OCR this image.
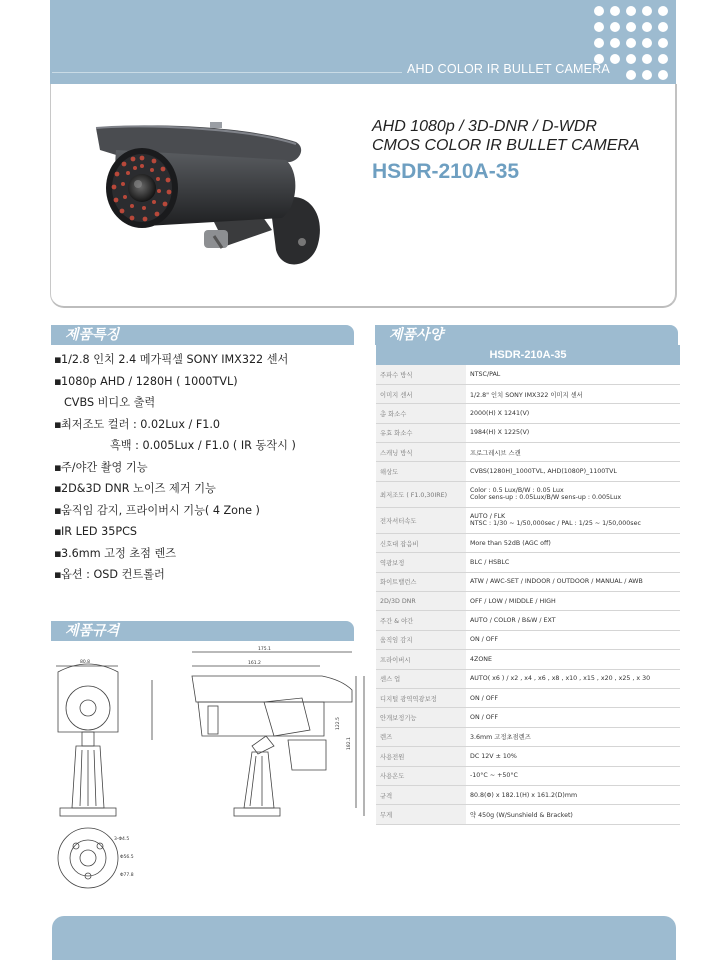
AHD COLOR IR BULLET CAMERA
AHD 1080p / 3D-DNR / D-WDR
CMOS COLOR IR BULLET CAMERA
HSDR-210A-35
제품특징
▪1/2.8 인치 2.4 메가픽셀 SONY IMX322 센서
▪1080p AHD / 1280H ( 1000TVL)
CVBS 비디오 출력
▪최저조도 컬러 : 0.02Lux / F1.0
흑백 : 0.005Lux / F1.0 ( IR 동작시 )
▪주/야간 촬영 기능
▪2D&3D DNR 노이즈 제거 기능
▪움직임 감지, 프라이버시 기능( 4 Zone )
▪IR LED 35PCS
▪3.6mm 고정 초점 렌즈
▪옵션 : OSD 컨트롤러
제품사양
HSDR-210A-35	
주파수 방식	NTSC/PAL

이미지 센서	1/2.8" 인치 SONY IMX322 이미지 센서

총 화소수	2000(H) X 1241(V)

유효 화소수	1984(H) X 1225(V)

스캐닝 방식	프로그레시브 스캔

해상도	CVBS(1280H)_1000TVL, AHD(1080P)_1100TVL

최저조도 ( F1.0,30IRE)	Color : 0.5 Lux/B/W : 0.05 Lux
Color sens-up : 0.05Lux/B/W sens-up : 0.005Lux

전자셔터속도	AUTO / FLK
NTSC : 1/30 ~ 1/50,000sec / PAL : 1/25 ~ 1/50,000sec

신호대 잡음비	More than 52dB (AGC off)

역광보정	BLC / HSBLC

화이트밸런스	ATW / AWC-SET / INDOOR / OUTDOOR / MANUAL / AWB

2D/3D DNR	OFF / LOW / MIDDLE / HIGH

주간 & 야간	AUTO / COLOR / B&W / EXT

움직임 감지	ON / OFF

프라이버시	4ZONE

센스 업	AUTO( x6 ) / x2 , x4 , x6 , x8 , x10 , x15 , x20 , x25 , x 30

디지털 광역역광보정	ON / OFF

안개보정기능	ON / OFF

렌즈	3.6mm 고정초점렌즈

사용전원	DC 12V ± 10%

사용온도	-10°C ~ +50°C

규격	80.8(Φ) x 182.1(H) x 161.2(D)mm

무게	약 450g (W/Sunshield & Bracket)
제품규격
80.8
175.1
161.2
122.5
182.1
3-Φ4.5
Φ56.5
Φ77.8
